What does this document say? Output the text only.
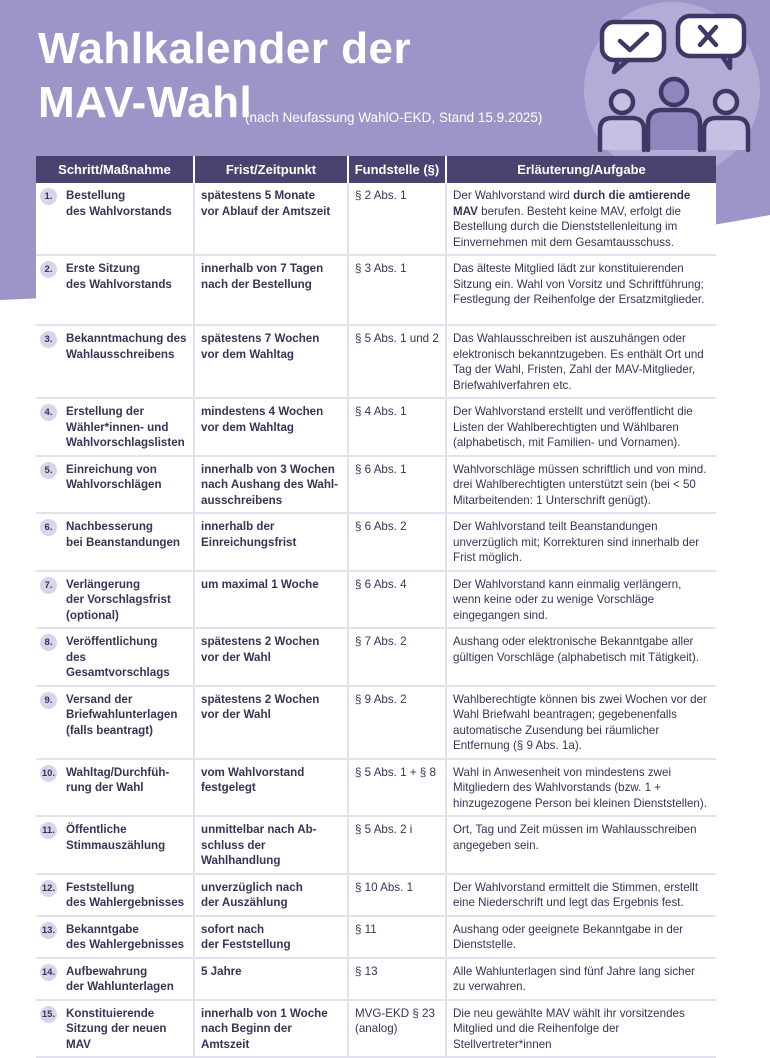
Wahlkalender der
MAV-Wahl
(nach Neufassung WahlO-EKD, Stand 15.9.2025)
Schritt/Maßnahme	Frist/Zeitpunkt	Fundstelle (§)	Erläuterung/Aufgabe

1. Bestellung
des Wahlvorstands	spätestens 5 Monate
vor Ablauf der Amtszeit	§ 2 Abs. 1	Der Wahlvorstand wird durch die amtierende MAV berufen. Besteht keine MAV, erfolgt die Bestellung durch die Dienststellenleitung im Einvernehmen mit dem Gesamtausschuss.

2. Erste Sitzung
des Wahlvorstands	innerhalb von 7 Tagen
nach der Bestellung	§ 3 Abs. 1	Das älteste Mitglied lädt zur konstituierenden Sitzung ein. Wahl von Vorsitz und Schriftführung; Festlegung der Reihenfolge der Ersatzmitglieder.

3. Bekanntmachung des
Wahlausschreibens	spätestens 7 Wochen
vor dem Wahltag	§ 5 Abs. 1 und 2	Das Wahlausschreiben ist auszuhängen oder elektronisch bekanntzugeben. Es enthält Ort und Tag der Wahl, Fristen, Zahl der MAV-Mitglieder, Briefwahlverfahren etc.

4. Erstellung der
Wähler*innen- und
Wahlvorschlagslisten	mindestens 4 Wochen
vor dem Wahltag	§ 4 Abs. 1	Der Wahlvorstand erstellt und veröffentlicht die Listen der Wahlberechtigten und Wählbaren (alphabetisch, mit Familien- und Vornamen).

5. Einreichung von
Wahlvorschlägen	innerhalb von 3 Wochen
nach Aushang des Wahl-
ausschreibens	§ 6 Abs. 1	Wahlvorschläge müssen schriftlich und von mind. drei Wahlberechtigten unterstützt sein (bei < 50 Mitarbeitenden: 1 Unterschrift genügt).

6. Nachbesserung
bei Beanstandungen	innerhalb der
Einreichungsfrist	§ 6 Abs. 2	Der Wahlvorstand teilt Beanstandungen unverzüglich mit; Korrekturen sind innerhalb der Frist möglich.

7. Verlängerung
der Vorschlagsfrist
(optional)	um maximal 1 Woche	§ 6 Abs. 4	Der Wahlvorstand kann einmalig verlängern, wenn keine oder zu wenige Vorschläge eingegangen sind.

8. Veröffentlichung
des Gesamtvorschlags	spätestens 2 Wochen
vor der Wahl	§ 7 Abs. 2	Aushang oder elektronische Bekanntgabe aller gültigen Vorschläge (alphabetisch mit Tätigkeit).

9. Versand der
Briefwahlunterlagen
(falls beantragt)	spätestens 2 Wochen
vor der Wahl	§ 9 Abs. 2	Wahlberechtigte können bis zwei Wochen vor der Wahl Briefwahl beantragen; gegebenenfalls automatische Zusendung bei räumlicher Entfernung (§ 9 Abs. 1a).

10. Wahltag/Durchfüh-
rung der Wahl	vom Wahlvorstand
festgelegt	§ 5 Abs. 1 + § 8	Wahl in Anwesenheit von mindestens zwei Mitgliedern des Wahlvorstands (bzw. 1 + hinzugezogene Person bei kleinen Dienststellen).

11. Öffentliche
Stimmauszählung	unmittelbar nach Ab-
schluss der Wahlhandlung	§ 5 Abs. 2 i	Ort, Tag und Zeit müssen im Wahlausschreiben angegeben sein.

12. Feststellung
des Wahlergebnisses	unverzüglich nach
der Auszählung	§ 10 Abs. 1	Der Wahlvorstand ermittelt die Stimmen, erstellt eine Niederschrift und legt das Ergebnis fest.

13. Bekanntgabe
des Wahlergebnisses	sofort nach
der Feststellung	§ 11	Aushang oder geeignete Bekanntgabe in der Dienststelle.

14. Aufbewahrung
der Wahlunterlagen	5 Jahre	§ 13	Alle Wahlunterlagen sind fünf Jahre lang sicher zu verwahren.

15. Konstituierende
Sitzung der neuen MAV	innerhalb von 1 Woche
nach Beginn der Amtszeit	MVG-EKD § 23
(analog)	Die neu gewählte MAV wählt ihr vorsitzendes Mitglied und die Reihenfolge der Stellvertreter*innen
